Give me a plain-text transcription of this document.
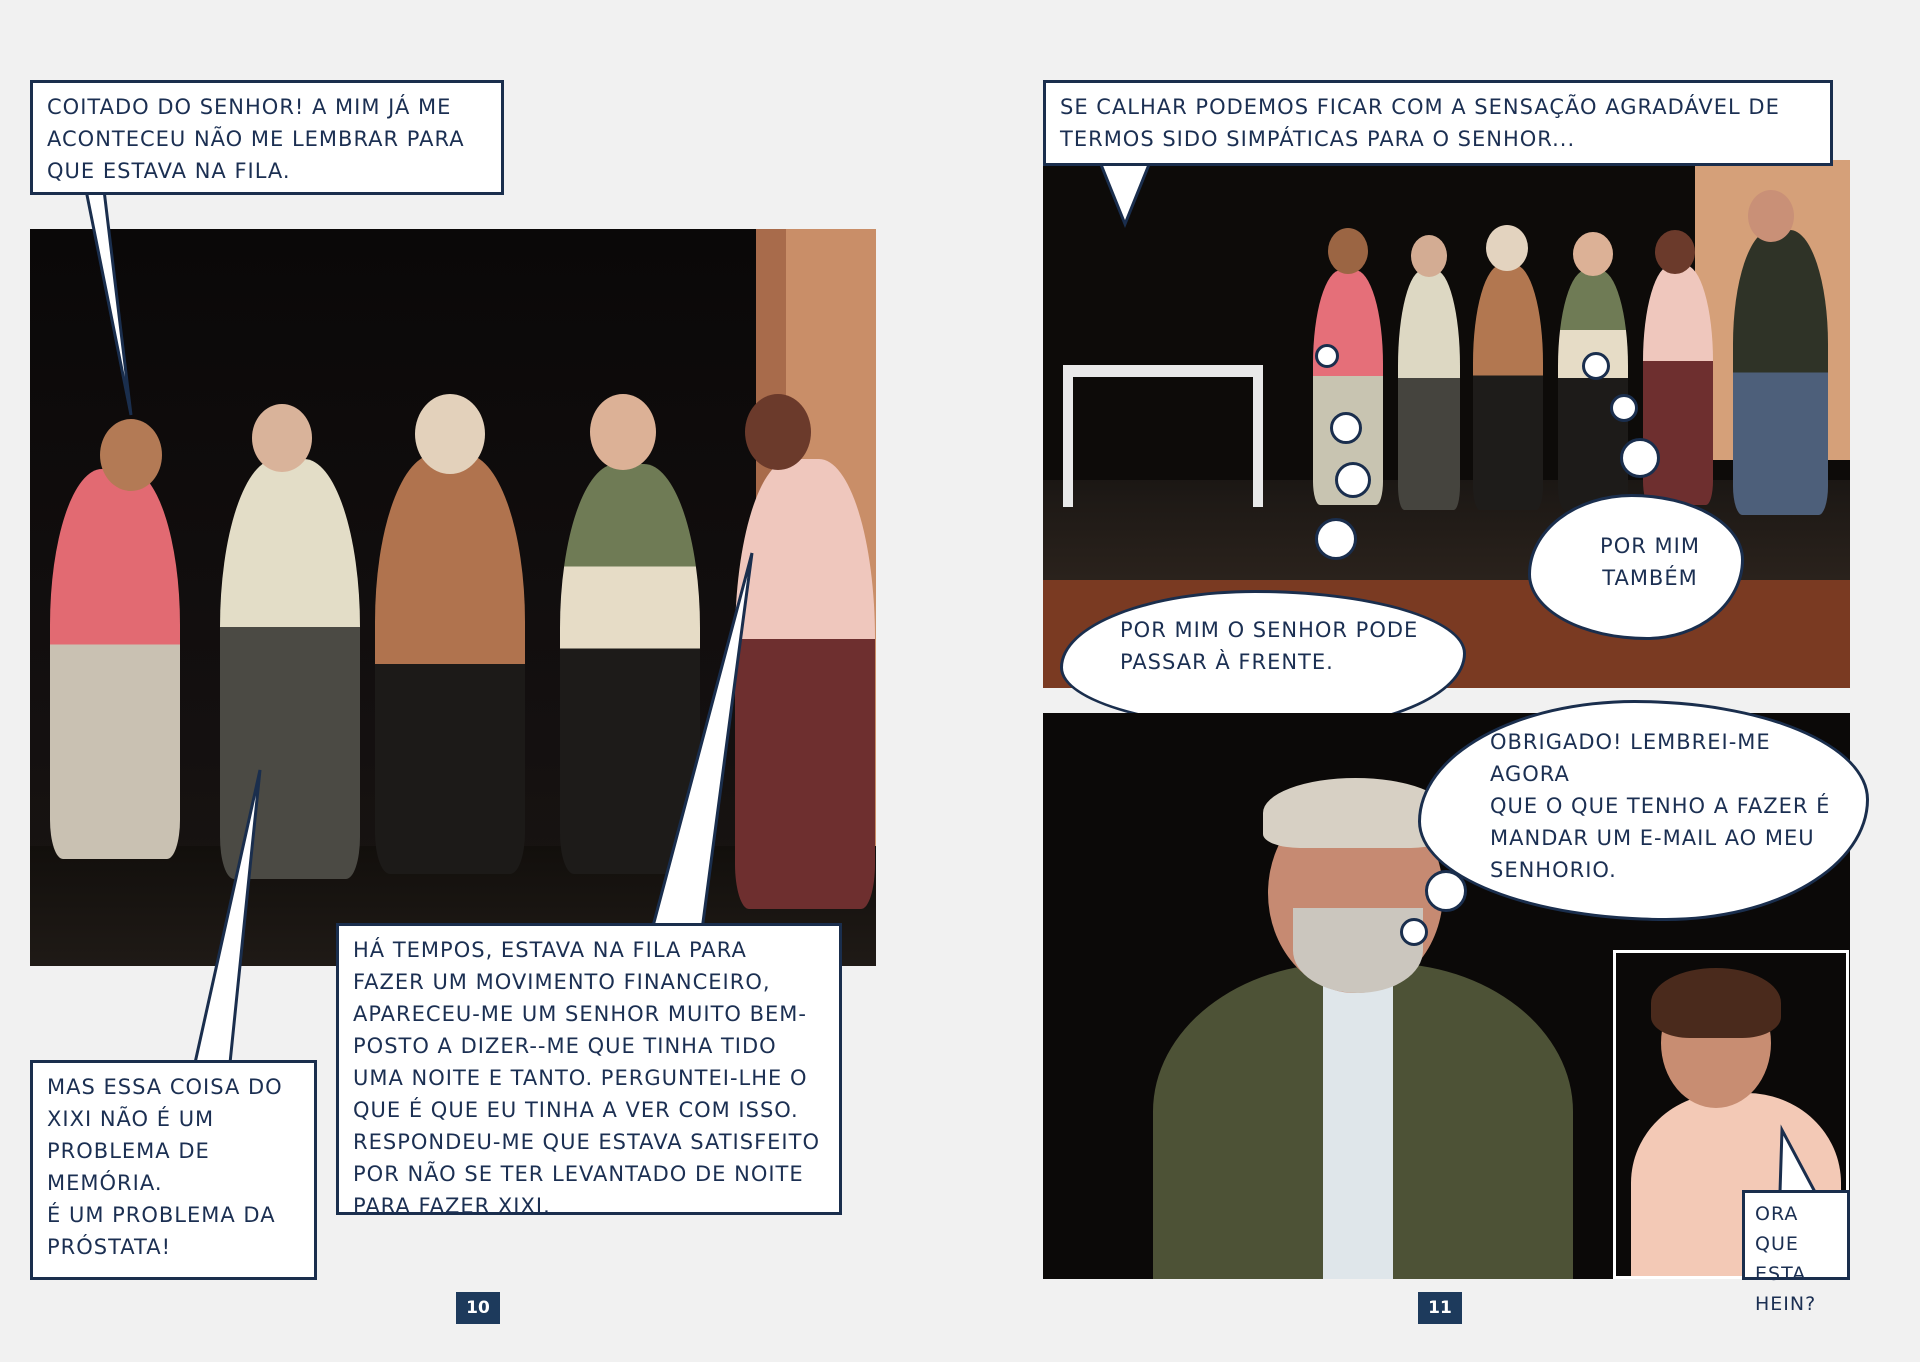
COITADO DO SENHOR! A MIM JÁ ME ACONTECEU NÃO ME LEMBRAR PARA QUE ESTAVA NA FILA.
MAS ESSA COISA DO XIXI NÃO É UM PROBLEMA DE MEMÓRIA.
É UM PROBLEMA DA PRÓSTATA!
HÁ TEMPOS, ESTAVA NA FILA PARA FAZER UM MOVIMENTO FINANCEIRO, APARECEU-ME UM SENHOR MUITO BEM-POSTO A DIZER--ME QUE TINHA TIDO UMA NOITE E TANTO. PERGUNTEI-LHE O QUE É QUE EU TINHA A VER COM ISSO. RESPONDEU-ME QUE ESTAVA SATISFEITO POR NÃO SE TER LEVANTADO DE NOITE PARA FAZER XIXI.
10
SE CALHAR PODEMOS FICAR COM A SENSAÇÃO AGRADÁVEL DE TERMOS SIDO SIMPÁTICAS PARA O SENHOR...
POR MIM
TAMBÉM
POR MIM O SENHOR PODE
PASSAR À FRENTE.
OBRIGADO! LEMBREI-ME AGORA
QUE O QUE TENHO A FAZER É
MANDAR UM E-MAIL AO MEU
SENHORIO.
ORA QUE
ESTA HEIN?
11
